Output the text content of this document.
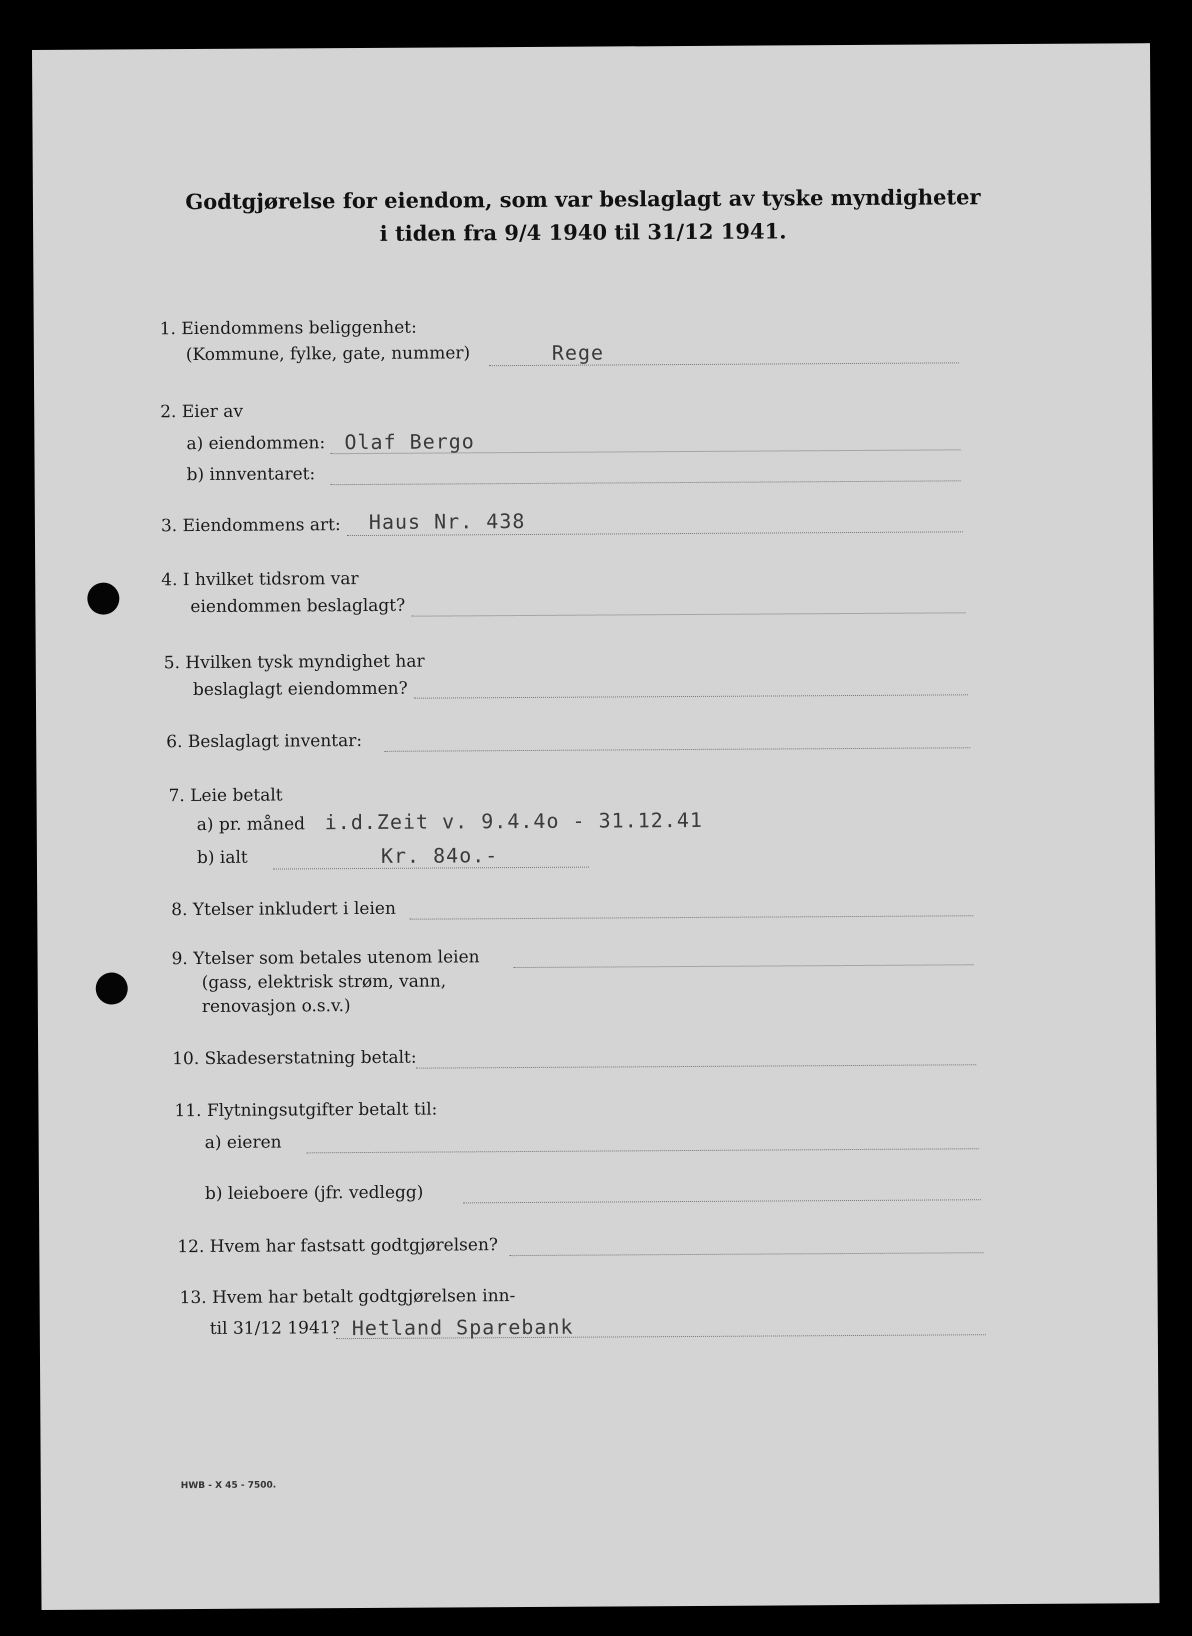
Godtgjørelse for eiendom, som var beslaglagt av tyske myndigheter
i tiden fra 9/4 1940 til 31/12 1941.
1. Eiendommens beliggenhet:
(Kommune, fylke, gate, nummer)	Rege
2. Eier av
a) eiendommen: Olaf Bergo
b) innventaret:
3. Eiendommens art: Haus Nr. 438
4. I hvilket tidsrom var
eiendommen beslaglagt?
5. Hvilken tysk myndighet har
beslaglagt eiendommen?
6. Beslaglagt inventar:
7. Leie betalt
a) pr. måned i.d.Zeit v. 9.4.4o - 31.12.41
b) ialt	Kr. 84o.-
8. Ytelser inkludert i leien
9. Ytelser som betales utenom leien
(gass, elektrisk strøm, vann,
renovasjon o.s.v.)
10. Skadeserstatning betalt:
11. Flytningsutgifter betalt til:
a) eieren
b) leieboere (jfr. vedlegg)
12. Hvem har fastsatt godtgjørelsen?
13. Hvem har betalt godtgjørelsen inn-
til 31/12 1941? Hetland Sparebank
HWB - X 45 - 7500.
